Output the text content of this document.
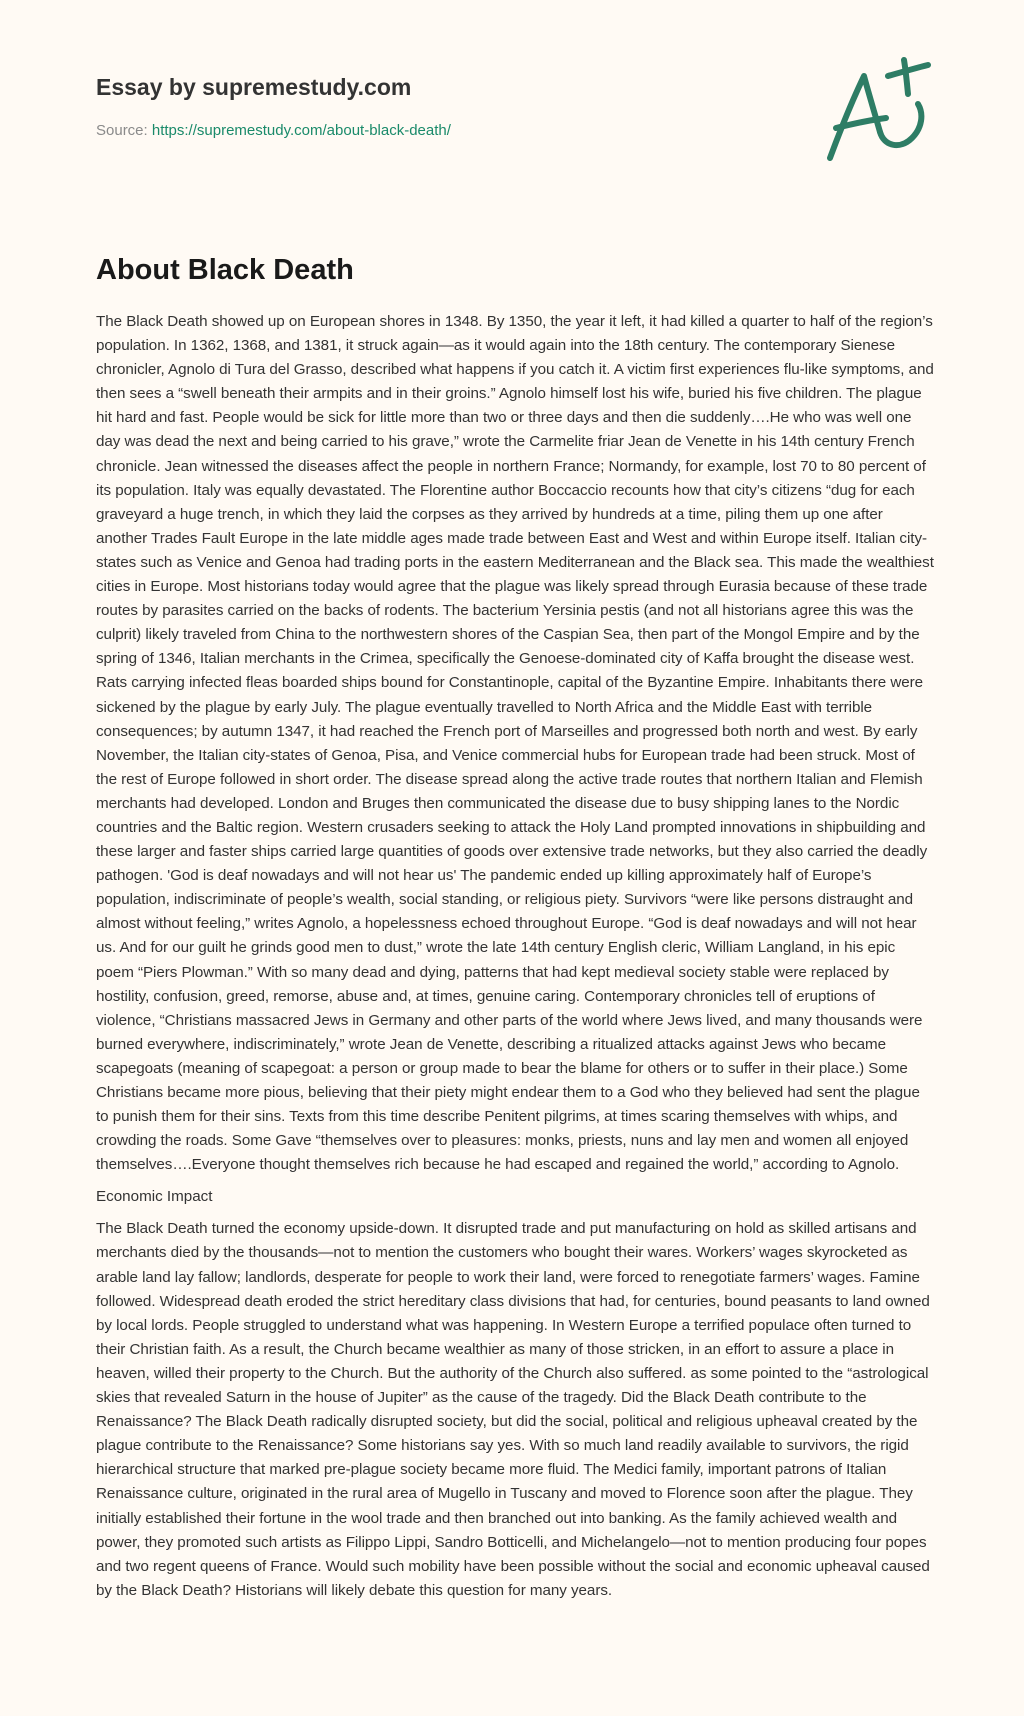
Essay by supremestudy.com
Source: https://supremestudy.com/about-black-death/
About Black Death

The Black Death showed up on European shores in 1348. By 1350, the year it left, it had killed a quarter to half of the region’s population. In 1362, 1368, and 1381, it struck again—as it would again into the 18th century. The contemporary Sienese chronicler, Agnolo di Tura del Grasso, described what happens if you catch it. A victim first experiences flu-like symptoms, and then sees a “swell beneath their armpits and in their groins.” Agnolo himself lost his wife, buried his five children. The plague hit hard and fast. People would be sick for little more than two or three days and then die suddenly….He who was well one day was dead the next and being carried to his grave,” wrote the Carmelite friar Jean de Venette in his 14th century French chronicle. Jean witnessed the diseases affect the people in northern France; Normandy, for example, lost 70 to 80 percent of its population. Italy was equally devastated. The Florentine author Boccaccio recounts how that city’s citizens “dug for each graveyard a huge trench, in which they laid the corpses as they arrived by hundreds at a time, piling them up one after another Trades Fault Europe in the late middle ages made trade between East and West and within Europe itself. Italian city-states such as Venice and Genoa had trading ports in the eastern Mediterranean and the Black sea. This made the wealthiest cities in Europe. Most historians today would agree that the plague was likely spread through Eurasia because of these trade routes by parasites carried on the backs of rodents. The bacterium Yersinia pestis (and not all historians agree this was the culprit) likely traveled from China to the northwestern shores of the Caspian Sea, then part of the Mongol Empire and by the spring of 1346, Italian merchants in the Crimea, specifically the Genoese-dominated city of Kaffa brought the disease west. Rats carrying infected fleas boarded ships bound for Constantinople, capital of the Byzantine Empire. Inhabitants there were sickened by the plague by early July. The plague eventually travelled to North Africa and the Middle East with terrible consequences; by autumn 1347, it had reached the French port of Marseilles and progressed both north and west. By early November, the Italian city-states of Genoa, Pisa, and Venice commercial hubs for European trade had been struck. Most of the rest of Europe followed in short order. The disease spread along the active trade routes that northern Italian and Flemish merchants had developed. London and Bruges then communicated the disease due to busy shipping lanes to the Nordic countries and the Baltic region. Western crusaders seeking to attack the Holy Land prompted innovations in shipbuilding and these larger and faster ships carried large quantities of goods over extensive trade networks, but they also carried the deadly pathogen. 'God is deaf nowadays and will not hear us' The pandemic ended up killing approximately half of Europe’s population, indiscriminate of people’s wealth, social standing, or religious piety. Survivors “were like persons distraught and almost without feeling,” writes Agnolo, a hopelessness echoed throughout Europe. “God is deaf nowadays and will not hear us. And for our guilt he grinds good men to dust,” wrote the late 14th century English cleric, William Langland, in his epic poem “Piers Plowman.” With so many dead and dying, patterns that had kept medieval society stable were replaced by hostility, confusion, greed, remorse, abuse and, at times, genuine caring. Contemporary chronicles tell of eruptions of violence, “Christians massacred Jews in Germany and other parts of the world where Jews lived, and many thousands were burned everywhere, indiscriminately,” wrote Jean de Venette, describing a ritualized attacks against Jews who became scapegoats (meaning of scapegoat: a person or group made to bear the blame for others or to suffer in their place.) Some Christians became more pious, believing that their piety might endear them to a God who they believed had sent the plague to punish them for their sins. Texts from this time describe Penitent pilgrims, at times scaring themselves with whips, and crowding the roads. Some Gave “themselves over to pleasures: monks, priests, nuns and lay men and women all enjoyed themselves….Everyone thought themselves rich because he had escaped and regained the world,” according to Agnolo.

Economic Impact

The Black Death turned the economy upside-down. It disrupted trade and put manufacturing on hold as skilled artisans and merchants died by the thousands—not to mention the customers who bought their wares. Workers’ wages skyrocketed as arable land lay fallow; landlords, desperate for people to work their land, were forced to renegotiate farmers’ wages. Famine followed. Widespread death eroded the strict hereditary class divisions that had, for centuries, bound peasants to land owned by local lords. People struggled to understand what was happening. In Western Europe a terrified populace often turned to their Christian faith. As a result, the Church became wealthier as many of those stricken, in an effort to assure a place in heaven, willed their property to the Church. But the authority of the Church also suffered. as some pointed to the “astrological skies that revealed Saturn in the house of Jupiter” as the cause of the tragedy. Did the Black Death contribute to the Renaissance? The Black Death radically disrupted society, but did the social, political and religious upheaval created by the plague contribute to the Renaissance? Some historians say yes. With so much land readily available to survivors, the rigid hierarchical structure that marked pre-plague society became more fluid. The Medici family, important patrons of Italian Renaissance culture, originated in the rural area of Mugello in Tuscany and moved to Florence soon after the plague. They initially established their fortune in the wool trade and then branched out into banking. As the family achieved wealth and power, they promoted such artists as Filippo Lippi, Sandro Botticelli, and Michelangelo—not to mention producing four popes and two regent queens of France. Would such mobility have been possible without the social and economic upheaval caused by the Black Death? Historians will likely debate this question for many years.
